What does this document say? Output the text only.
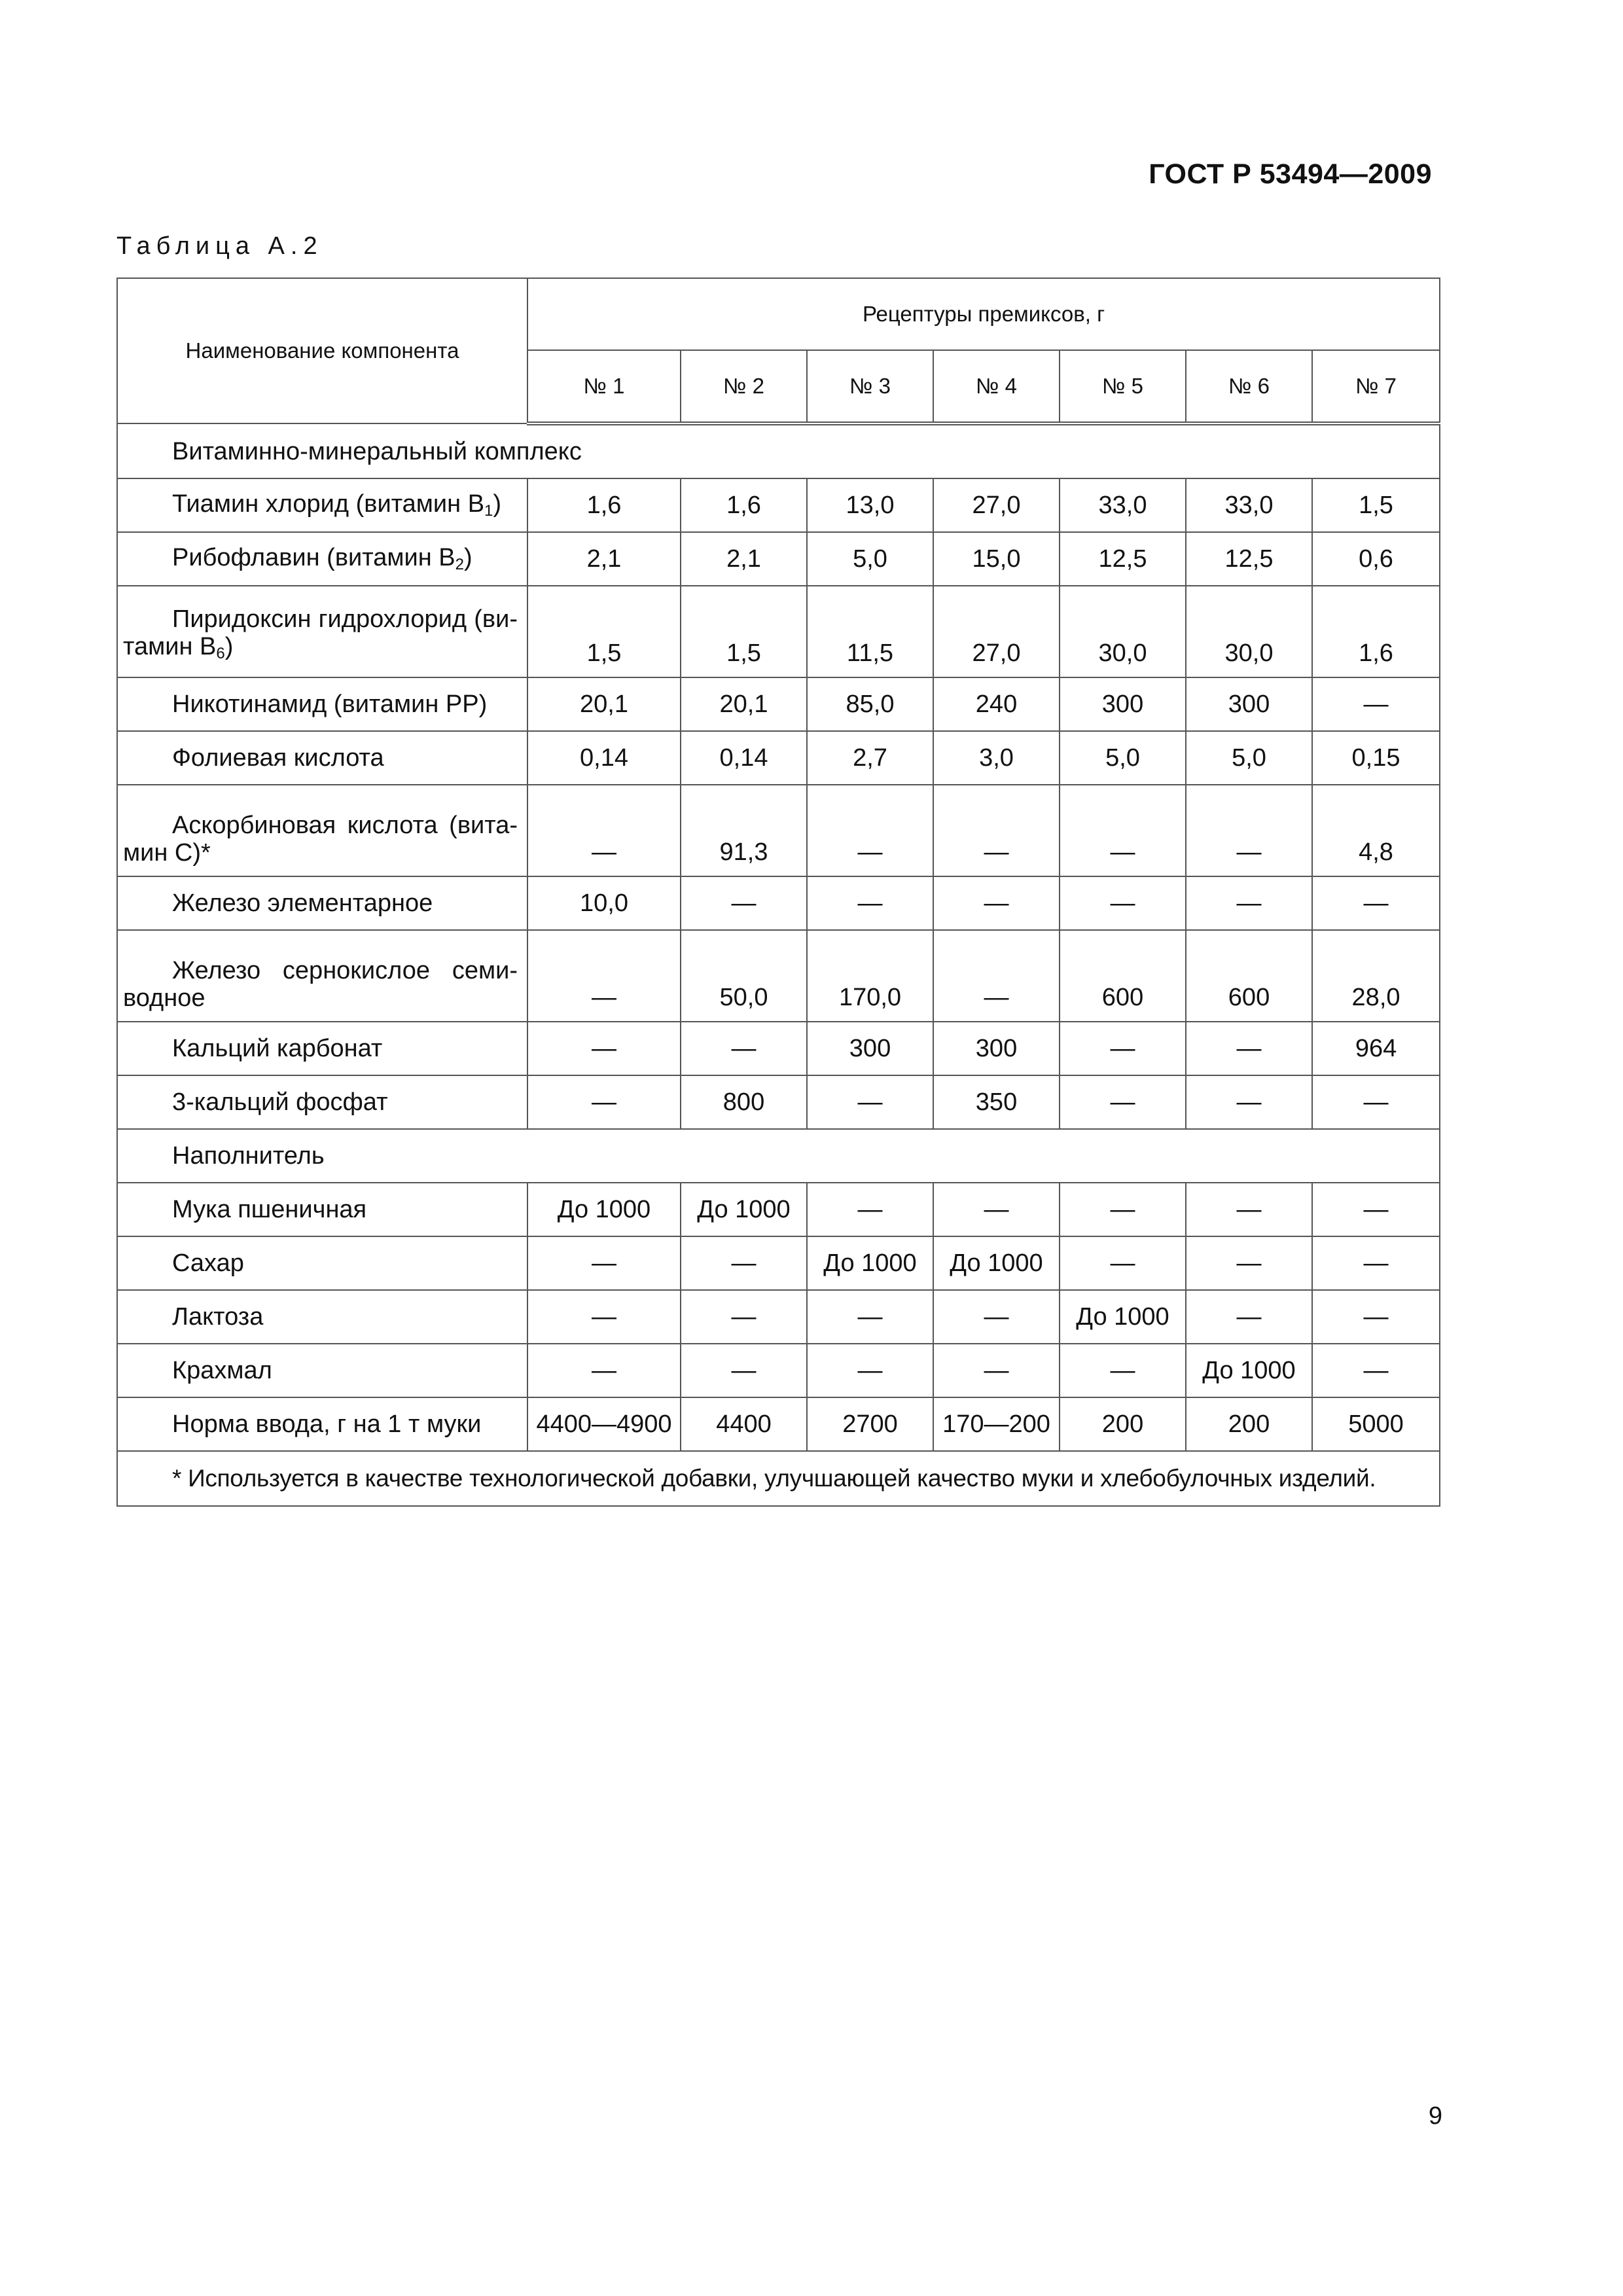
ГОСТ Р 53494—2009
Таблица А.2
Наименование компонента	Рецептуры премиксов, г						
	№ 1	№ 2	№ 3	№ 4	№ 5	№ 6	№ 7
Витаминно-минеральный комплекс							
Тиамин хлорид (витамин $B_1$)	1,6	1,6	13,0	27,0	33,0	33,0	1,5
Рибофлавин (витамин $B_2$)	2,1	2,1	5,0	15,0	12,5	12,5	0,6

Пиридоксин гидрохлорид (ви-тамин $B_6$)	1,5	1,5	11,5	27,0	30,0	30,0	1,6
Никотинамид (витамин PP)	20,1	20,1	85,0	240	300	300	—
Фолиевая кислота	0,14	0,14	2,7	3,0	5,0	5,0	0,15

Аскорбиновая кислота (вита-мин С)*	—	91,3	—	—	—	—	4,8
Железо элементарное	10,0	—	—	—	—	—	—

Железо сернокислое семи-водное	—	50,0	170,0	—	600	600	28,0
Кальций карбонат	—	—	300	300	—	—	964
3-кальций фосфат	—	800	—	350	—	—	—
Наполнитель							
Мука пшеничная	До 1000	До 1000	—	—	—	—	—
Сахар	—	—	До 1000	До 1000	—	—	—
Лактоза	—	—	—	—	До 1000	—	—
Крахмал	—	—	—	—	—	До 1000	—
Норма ввода, г на 1 т муки	4400—4900	4400	2700	170—200	200	200	5000
* Используется в качестве технологической добавки, улучшающей качество муки и хлебобулочных изделий.							
9
